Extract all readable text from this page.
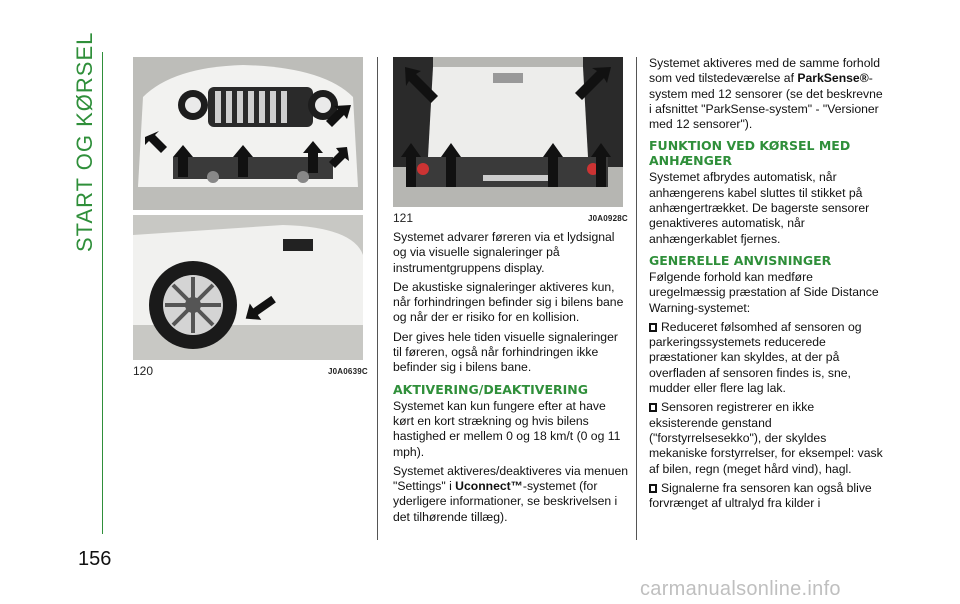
START OG KØRSEL
156
120	J0A0639C
121	J0A0928C

Systemet advarer føreren via et lydsignal og via visuelle signaleringer på instrumentgruppens display.

De akustiske signaleringer aktiveres kun, når forhindringen befinder sig i bilens bane og når der er risiko for en kollision.

Der gives hele tiden visuelle signaleringer til føreren, også når forhindringen ikke befinder sig i bilens bane.

AKTIVERING/DEAKTIVERING

Systemet kan kun fungere efter at have kørt en kort strækning og hvis bilens hastighed er mellem 0 og 18 km/t (0 og 11 mph).

Systemet aktiveres/deaktiveres via menuen "Settings" i Uconnect™-systemet (for yderligere informationer, se beskrivelsen i det tilhørende tillæg).

Systemet aktiveres med de samme forhold som ved tilstedeværelse af ParkSense®-system med 12 sensorer (se det beskrevne i afsnittet "ParkSense-system" - "Versioner med 12 sensorer").

FUNKTION VED KØRSEL MED ANHÆNGER

Systemet afbrydes automatisk, når anhængerens kabel sluttes til stikket på anhængertrækket. De bagerste sensorer genaktiveres automatisk, når anhængerkablet fjernes.

GENERELLE ANVISNINGER

Følgende forhold kan medføre uregelmæssig præstation af Side Distance Warning-systemet:

Reduceret følsomhed af sensoren og parkeringssystemets reducerede præstationer kan skyldes, at der på overfladen af sensoren findes is, sne, mudder eller flere lag lak.

Sensoren registrerer en ikke eksisterende genstand ("forstyrrelsesekko"), der skyldes mekaniske forstyrrelser, for eksempel: vask af bilen, regn (meget hård vind), hagl.

Signalerne fra sensoren kan også blive forvrænget af ultralyd fra kilder i

carmanualsonline.info
